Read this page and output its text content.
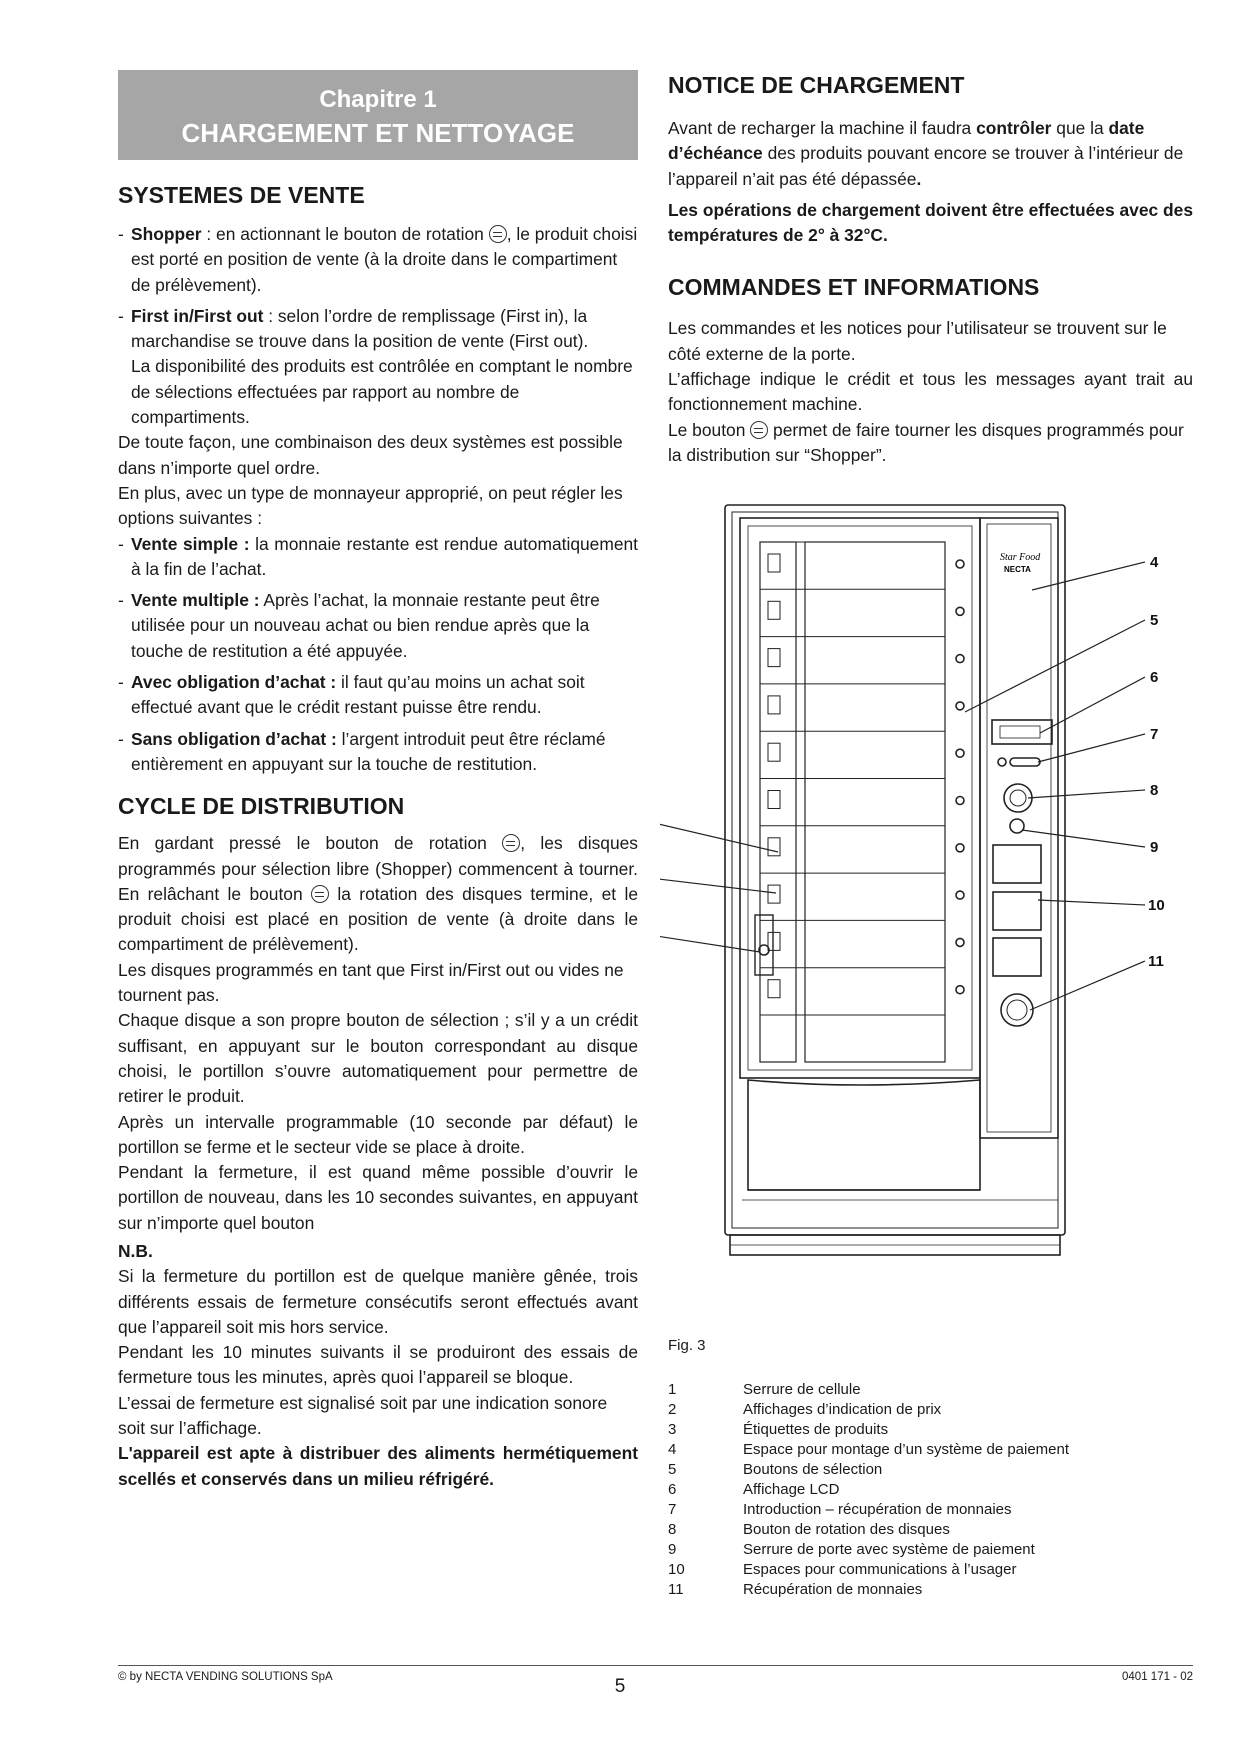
Chapitre 1
CHARGEMENT ET NETTOYAGE
SYSTEMES DE VENTE
- Shopper : en actionnant le bouton de rotation , le produit choisi est porté en position de vente (à la droite dans le compartiment de prélèvement).
- First in/First out : selon l’ordre de remplissage (First in), la marchandise se trouve dans la position de vente (First out).
La disponibilité des produits est contrôlée en comptant le nombre de sélections effectuées par rapport au nombre de compartiments.
De toute façon, une combinaison des deux systèmes est possible dans n’importe quel ordre.
En plus, avec un type de monnayeur approprié, on peut régler les options suivantes :
- Vente simple : la monnaie restante est rendue automatiquement à la fin de l’achat.
- Vente multiple : Après l’achat, la monnaie restante peut être utilisée pour un nouveau achat ou bien rendue après que la touche de restitution a été appuyée.
- Avec obligation d’achat : il faut qu’au moins un achat soit effectué avant que le crédit restant puisse être rendu.
- Sans obligation d’achat : l’argent introduit peut être réclamé entièrement en appuyant sur la touche de restitution.
CYCLE DE DISTRIBUTION
En gardant pressé le bouton de rotation , les disques programmés pour sélection libre (Shopper) commencent à tourner. En relâchant le bouton  la rotation des disques termine, et le produit choisi est placé en position de vente (à droite dans le compartiment de prélèvement).
Les disques programmés en tant que First in/First out ou vides ne tournent pas.
Chaque disque a son propre bouton de sélection ; s’il y a un crédit suffisant, en appuyant sur le bouton correspondant au disque choisi, le portillon s’ouvre automatiquement pour permettre de retirer le produit.
Après un intervalle programmable (10 seconde par défaut) le portillon se ferme et le secteur vide se place à droite.
Pendant la fermeture, il est quand même possible d’ouvrir le portillon de nouveau, dans les 10 secondes suivantes, en appuyant sur n’importe quel bouton
N.B.
Si la fermeture du portillon est de quelque manière gênée, trois différents essais de fermeture consécutifs seront effectués avant que l’appareil soit mis hors service.
Pendant les 10 minutes suivants il se produiront des essais de fermeture tous les minutes, après quoi l’appareil se bloque.
L’essai de fermeture est signalisé soit par une indication sonore soit sur l’affichage.
L'appareil est apte à distribuer des aliments hermétiquement scellés et conservés dans un milieu réfrigéré.
NOTICE DE CHARGEMENT
Avant de recharger la machine il faudra contrôler que la date d’échéance des produits pouvant encore se trouver à l’intérieur de l’appareil n’ait pas été dépassée.
Les opérations de chargement doivent être effectuées avec des températures de 2° à 32°C.
COMMANDES ET INFORMATIONS
Les commandes et les notices pour l’utilisateur se trouvent sur le côté externe de la porte.
L’affichage indique le crédit et tous les messages ayant trait au fonctionnement machine.
Le bouton  permet de faire tourner les disques programmés pour la distribution sur “Shopper”.
Star Food
NECTA	4
5
6
7
8
9
10
11
Fig. 3
1	Serrure de cellule
2	Affichages d’indication de prix
3	Étiquettes de produits
4	Espace pour montage d’un système de paiement
5	Boutons de sélection
6	Affichage LCD
7	Introduction – récupération de monnaies
8	Bouton de rotation des disques
9	Serrure de porte avec système de paiement
10	Espaces pour communications à l’usager
11	Récupération de monnaies
© by NECTA VENDING SOLUTIONS SpA	5	0401 171 - 02
